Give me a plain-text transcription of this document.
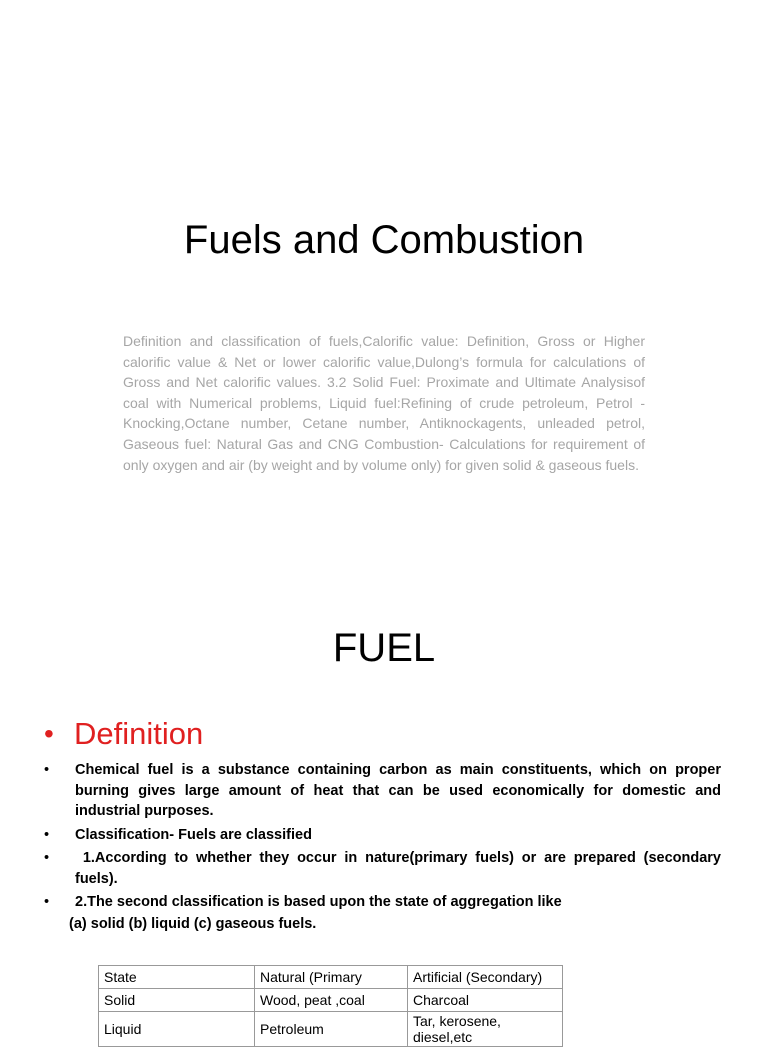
Fuels and Combustion

Definition and classification of fuels,Calorific value: Definition, Gross or Higher calorific value & Net or lower calorific value,Dulong’s formula for calculations of Gross and Net calorific values. 3.2 Solid Fuel: Proximate and Ultimate Analysisof coal with Numerical problems, Liquid fuel:Refining of crude petroleum, Petrol -Knocking,Octane number, Cetane number, Antiknockagents, unleaded petrol, Gaseous fuel: Natural Gas and CNG Combustion- Calculations for requirement of only oxygen and air (by weight and by volume only) for given solid & gaseous fuels.

FUEL
• Definition
•	Chemical fuel is a substance containing carbon as main constituents, which on proper burning gives large amount of heat that can be used economically for domestic and industrial purposes.
•	Classification- Fuels are classified
•	1.According to whether they occur in nature(primary fuels) or are prepared (secondary fuels).
•	2.The second classification is based upon the state of aggregation like
(a) solid (b) liquid (c) gaseous fuels.
State	Natural (Primary	Artificial (Secondary)
Solid	Wood, peat ,coal	Charcoal
Liquid	Petroleum	Tar, kerosene, diesel,etc
